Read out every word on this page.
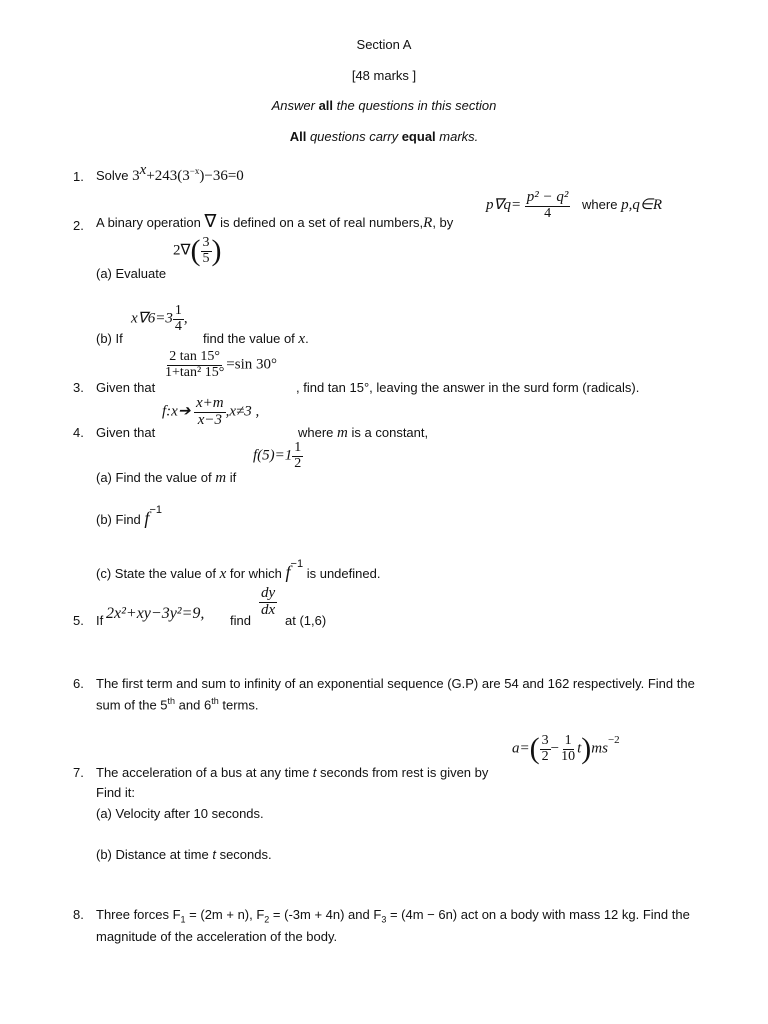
Section A
[48 marks ]
Answer all the questions in this section
All questions carry equal marks.
1. Solve $3^x+243(3^{-x})-36=0$
2. A binary operation ∇ is defined on a set of real numbers,R, by
$p\nabla q= \frac{\text{p² − q²}}{4}$ where p,q∈R
(a) Evaluate
$2\nabla( \frac{3}{5}$ )
(b) If
$x\nabla 6=3 \frac{1}{4}$ ,
find the value of x.
3. Given that
$\frac{2 \tan 15^\circ}{\text{1+tan² 15°}} =\sin$ 30°
, find tan 15°, leaving the answer in the surd form (radicals).
4. Given that
f:x➔ $\frac{x+m}{x-3} ,x\ne 3$ ,
where m is a constant,
(a) Find the value of m if
$f(5)=1 \frac{1}{2}$
(b) Find $f^{-1}$
(c) State the value of x for which $f^{-1}$ is undefined.
5. If 2x²+xy−3y²=9, find
$\frac{dy}{dx}$
at (1,6)
6. The first term and sum to infinity of an exponential sequence (G.P) are 54 and 162 respectively. Find the
sum of the 5th and 6th terms.
7. The acceleration of a bus at any time t seconds from rest is given by
$a=( \frac{3}{2} - \frac{1}{10} t)ms^{-2}$
Find it:
(a) Velocity after 10 seconds.
(b) Distance at time t seconds.
8. Three forces $F_1 = (2m + n)$, $F_2 = (-3m + 4n)$ and $F_3 = (4m - 6n)$ act on a body with mass 12 kg. Find the
magnitude of the acceleration of the body.
